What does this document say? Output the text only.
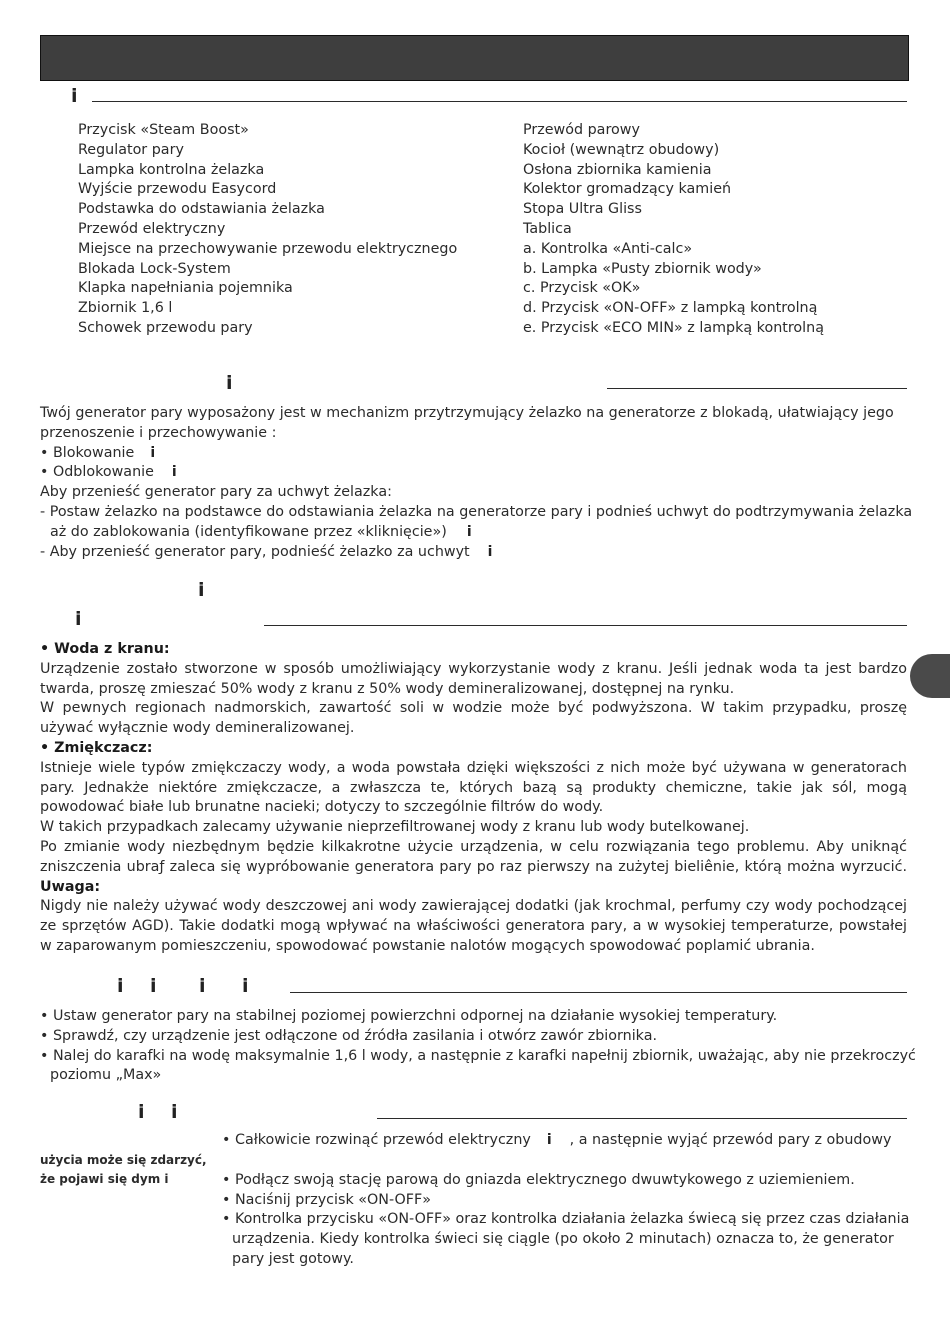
i
Przycisk «Steam Boost»
Regulator pary
Lampka kontrolna żelazka
Wyjście przewodu Easycord
Podstawka do odstawiania żelazka
Przewód elektryczny
Miejsce na przechowywanie przewodu elektrycznego
Blokada Lock-System
Klapka napełniania pojemnika
Zbiornik 1,6 l
Schowek przewodu pary
Przewód parowy
Kocioł (wewnątrz obudowy)
Osłona zbiornika kamienia
Kolektor gromadzący kamień
Stopa Ultra Gliss
Tablica
a. Kontrolka «Anti-calc»
b. Lampka «Pusty zbiornik wody»
c. Przycisk «OK»
d. Przycisk «ON-OFF» z lampką kontrolną
e. Przycisk «ECO MIN» z lampką kontrolną
i
Twój generator pary wyposażony jest w mechanizm przytrzymujący żelazko na generatorze z blokadą, ułatwiający jego
przenoszenie i przechowywanie :
• Blokowanie i
• Odblokowanie i
Aby przenieść generator pary za uchwyt żelazka:
- Postaw żelazko na podstawce do odstawiania żelazka na generatorze pary i podnieś uchwyt do podtrzymywania żelazka
aż do zablokowania (identyfikowane przez «kliknięcie») i
- Aby przenieść generator pary, podnieść żelazko za uchwyt i
i
i
• Woda z kranu:
Urządzenie zostało stworzone w sposób umożliwiający wykorzystanie wody z kranu. Jeśli jednak woda ta jest bardzo
twarda, proszę zmieszać 50% wody z kranu z 50% wody demineralizowanej, dostępnej na rynku.
W pewnych regionach nadmorskich, zawartość soli w wodzie może być podwyższona. W takim przypadku, proszę
używać wyłącznie wody demineralizowanej.
• Zmiękczacz:
Istnieje wiele typów zmiękczaczy wody, a woda powstała dzięki większości z nich może być używana w generatorach
pary. Jednakże niektóre zmiękczacze, a zwłaszcza te, których bazą są produkty chemiczne, takie jak sól, mogą
powodować białe lub brunatne nacieki; dotyczy to szczególnie filtrów do wody.
W takich przypadkach zalecamy używanie nieprzefiltrowanej wody z kranu lub wody butelkowanej.
Po zmianie wody niezbędnym będzie kilkakrotne użycie urządzenia, w celu rozwiązania tego problemu. Aby uniknąć
zniszczenia ubraƒ zaleca się wypróbowanie generatora pary po raz pierwszy na zużytej bieliênie, którą można wyrzucić.
Uwaga:
Nigdy nie należy używać wody deszczowej ani wody zawierającej dodatki (jak krochmal, perfumy czy wody pochodzącej
ze sprzętów AGD). Takie dodatki mogą wpływać na właściwości generatora pary, a w wysokiej temperaturze, powstałej
w zaparowanym pomieszczeniu, spowodować powstanie nalotów mogących spowodować poplamić ubrania.
i i i i
• Ustaw generator pary na stabilnej poziomej powierzchni odpornej na działanie wysokiej temperatury.
• Sprawdź, czy urządzenie jest odłączone od źródła zasilania i otwórz zawór zbiornika.
• Nalej do karafki na wodę maksymalnie 1,6 l wody, a następnie z karafki napełnij zbiornik, uważając, aby nie przekroczyć
poziomu „Max»
i i
użycia może się zdarzyć,
że pojawi się dym i
• Całkowicie rozwinąć przewód elektryczny i , a następnie wyjąć przewód pary z obudowy
• Podłącz swoją stację parową do gniazda elektrycznego dwuwtykowego z uziemieniem.
• Naciśnij przycisk «ON-OFF»
• Kontrolka przycisku «ON-OFF» oraz kontrolka działania żelazka świecą się przez czas działania
urządzenia. Kiedy kontrolka świeci się ciągle (po około 2 minutach) oznacza to, że generator
pary jest gotowy.
